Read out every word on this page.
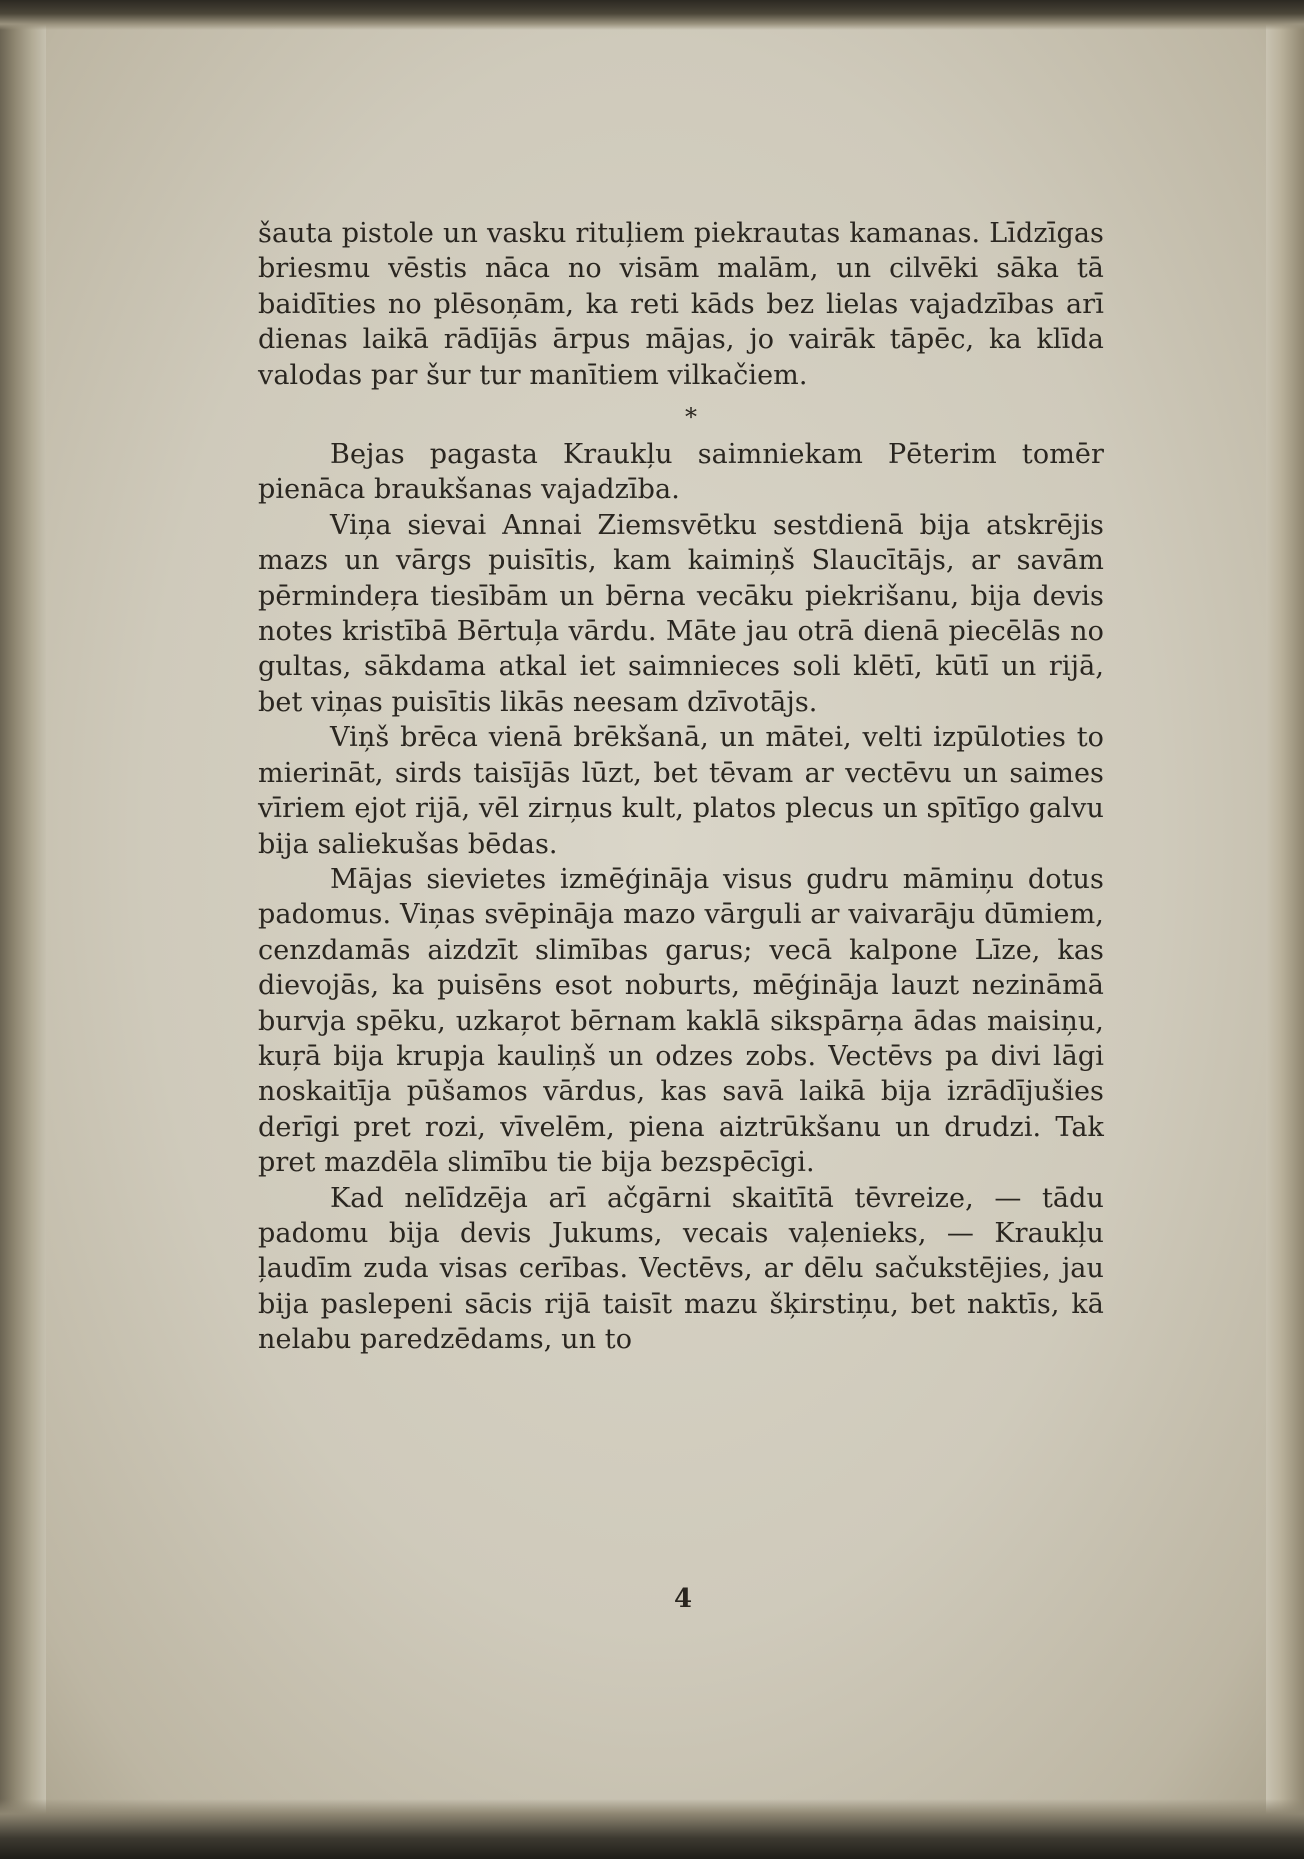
šauta pistole un vasku rituļiem piekrautas kamanas. Līdzīgas briesmu vēstis nāca no visām malām, un cilvēki sāka tā baidīties no plēsoņām, ka reti kāds bez lielas vajadzības arī dienas laikā rādījās ārpus mājas, jo vairāk tāpēc, ka klīda valodas par šur tur manītiem vilkačiem.

*

Bejas pagasta Kraukļu saimniekam Pēterim tomēr pienāca braukšanas vajadzība.

Viņa sievai Annai Ziemsvētku sestdienā bija atskrējis mazs un vārgs puisītis, kam kaimiņš Slaucītājs, ar savām pērmindeŗa tiesībām un bērna vecāku piekrišanu, bija devis notes kristībā Bērtuļa vārdu. Māte jau otrā dienā piecēlās no gultas, sākdama atkal iet saimnieces soli klētī, kūtī un rijā, bet viņas puisītis likās neesam dzīvotājs.

Viņš brēca vienā brēkšanā, un mātei, velti izpūloties to mierināt, sirds taisījās lūzt, bet tēvam ar vectēvu un saimes vīriem ejot rijā, vēl zirņus kult, platos plecus un spītīgo galvu bija saliekušas bēdas.

Mājas sievietes izmēģināja visus gudru māmiņu dotus padomus. Viņas svēpināja mazo vārguli ar vaivarāju dūmiem, cenzdamās aizdzīt slimības garus; vecā kalpone Līze, kas dievojās, ka puisēns esot noburts, mēģināja lauzt nezināmā burvja spēku, uzkaŗot bērnam kaklā sikspārņa ādas maisiņu, kuŗā bija krupja kauliņš un odzes zobs. Vectēvs pa divi lāgi noskaitīja pūšamos vārdus, kas savā laikā bija izrādījušies derīgi pret rozi, vīvelēm, piena aiztrūkšanu un drudzi. Tak pret mazdēla slimību tie bija bezspēcīgi.

Kad nelīdzēja arī ačgārni skaitītā tēvreize, — tādu padomu bija devis Jukums, vecais vaļenieks, — Kraukļu ļaudīm zuda visas cerības. Vectēvs, ar dēlu sačukstējies, jau bija paslepeni sācis rijā taisīt mazu šķirstiņu, bet naktīs, kā nelabu paredzēdams, un to

4
